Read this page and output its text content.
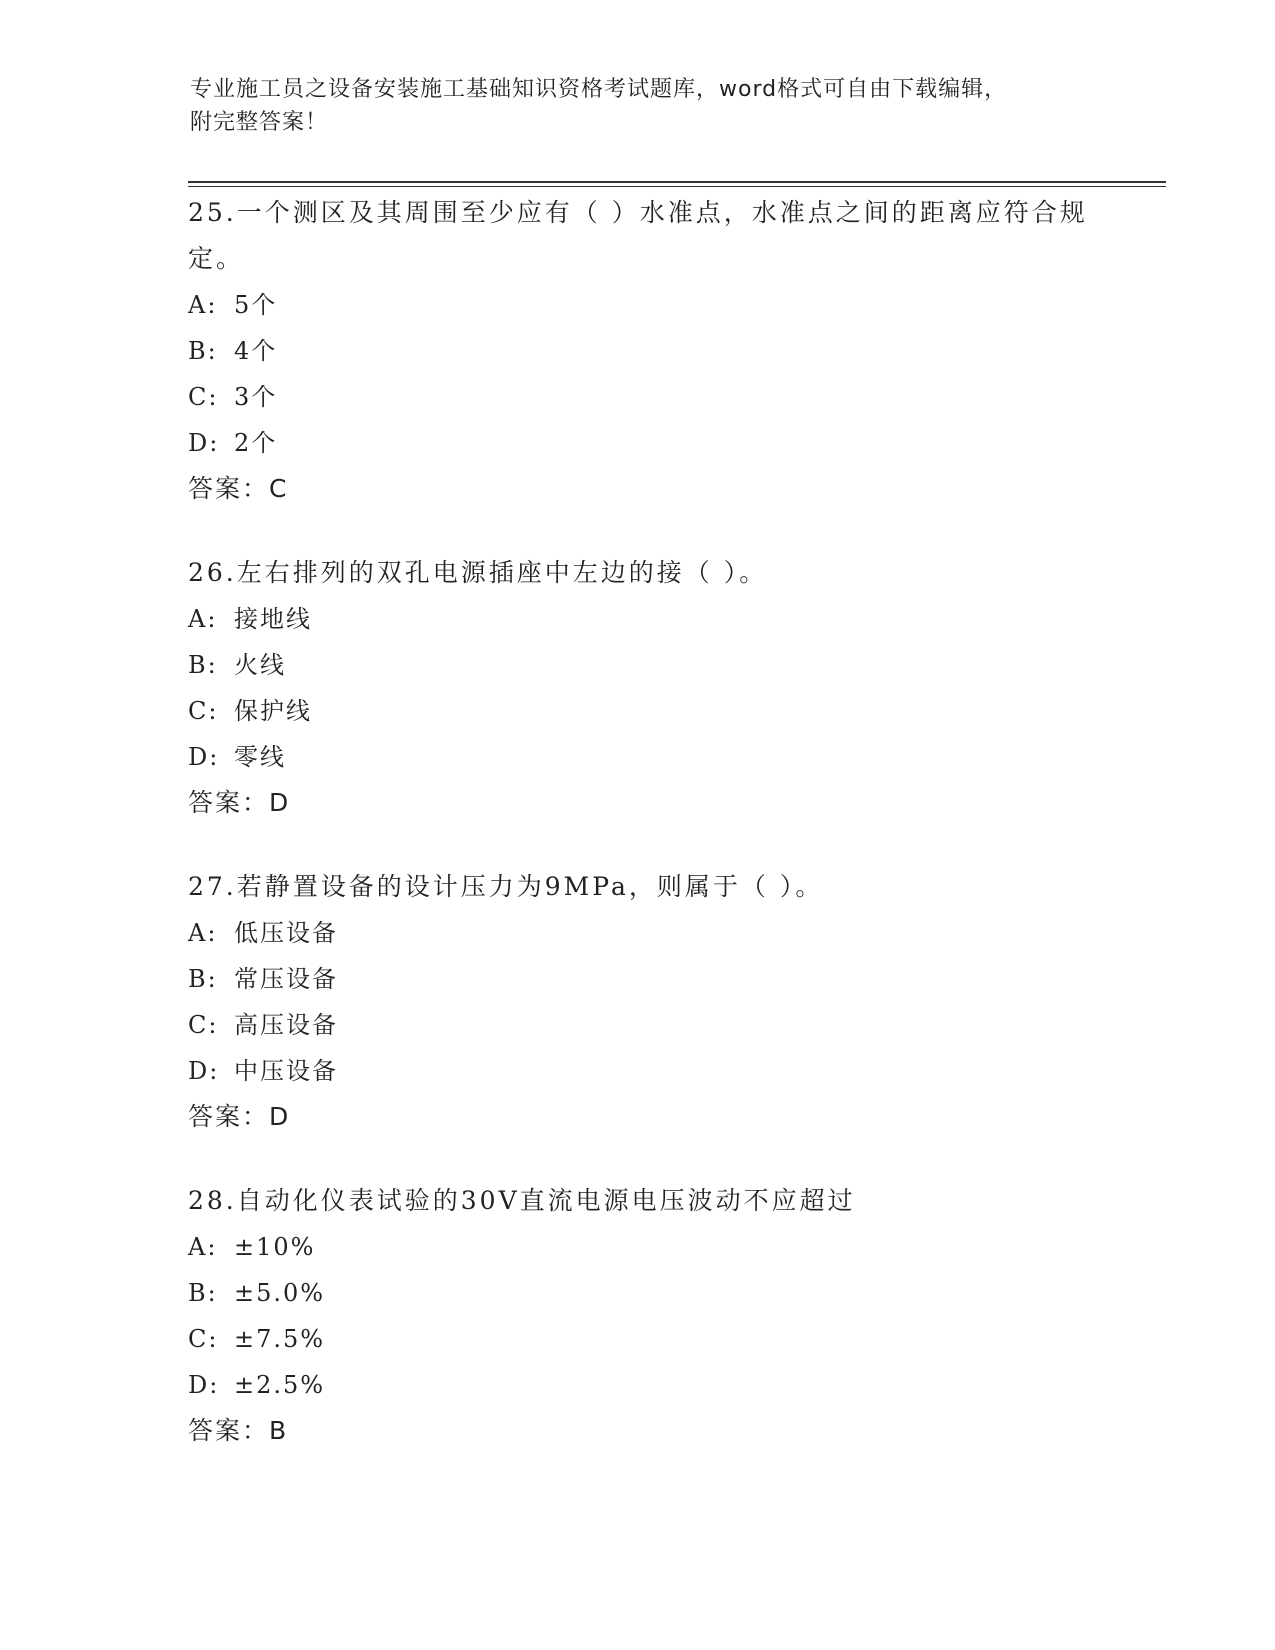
专业施工员之设备安装施工基础知识资格考试题库，word格式可自由下载编辑，
附完整答案！
25.一个测区及其周围至少应有（ ）水准点，水准点之间的距离应符合规定。
A: 5个
B: 4个
C: 3个
D: 2个
答案：C
26.左右排列的双孔电源插座中左边的接（ ）。
A: 接地线
B: 火线
C: 保护线
D: 零线
答案：D
27.若静置设备的设计压力为9MPa，则属于（ ）。
A: 低压设备
B: 常压设备
C: 高压设备
D: 中压设备
答案：D
28.自动化仪表试验的30V直流电源电压波动不应超过
A: ±10%
B: ±5.0%
C: ±7.5%
D: ±2.5%
答案：B
